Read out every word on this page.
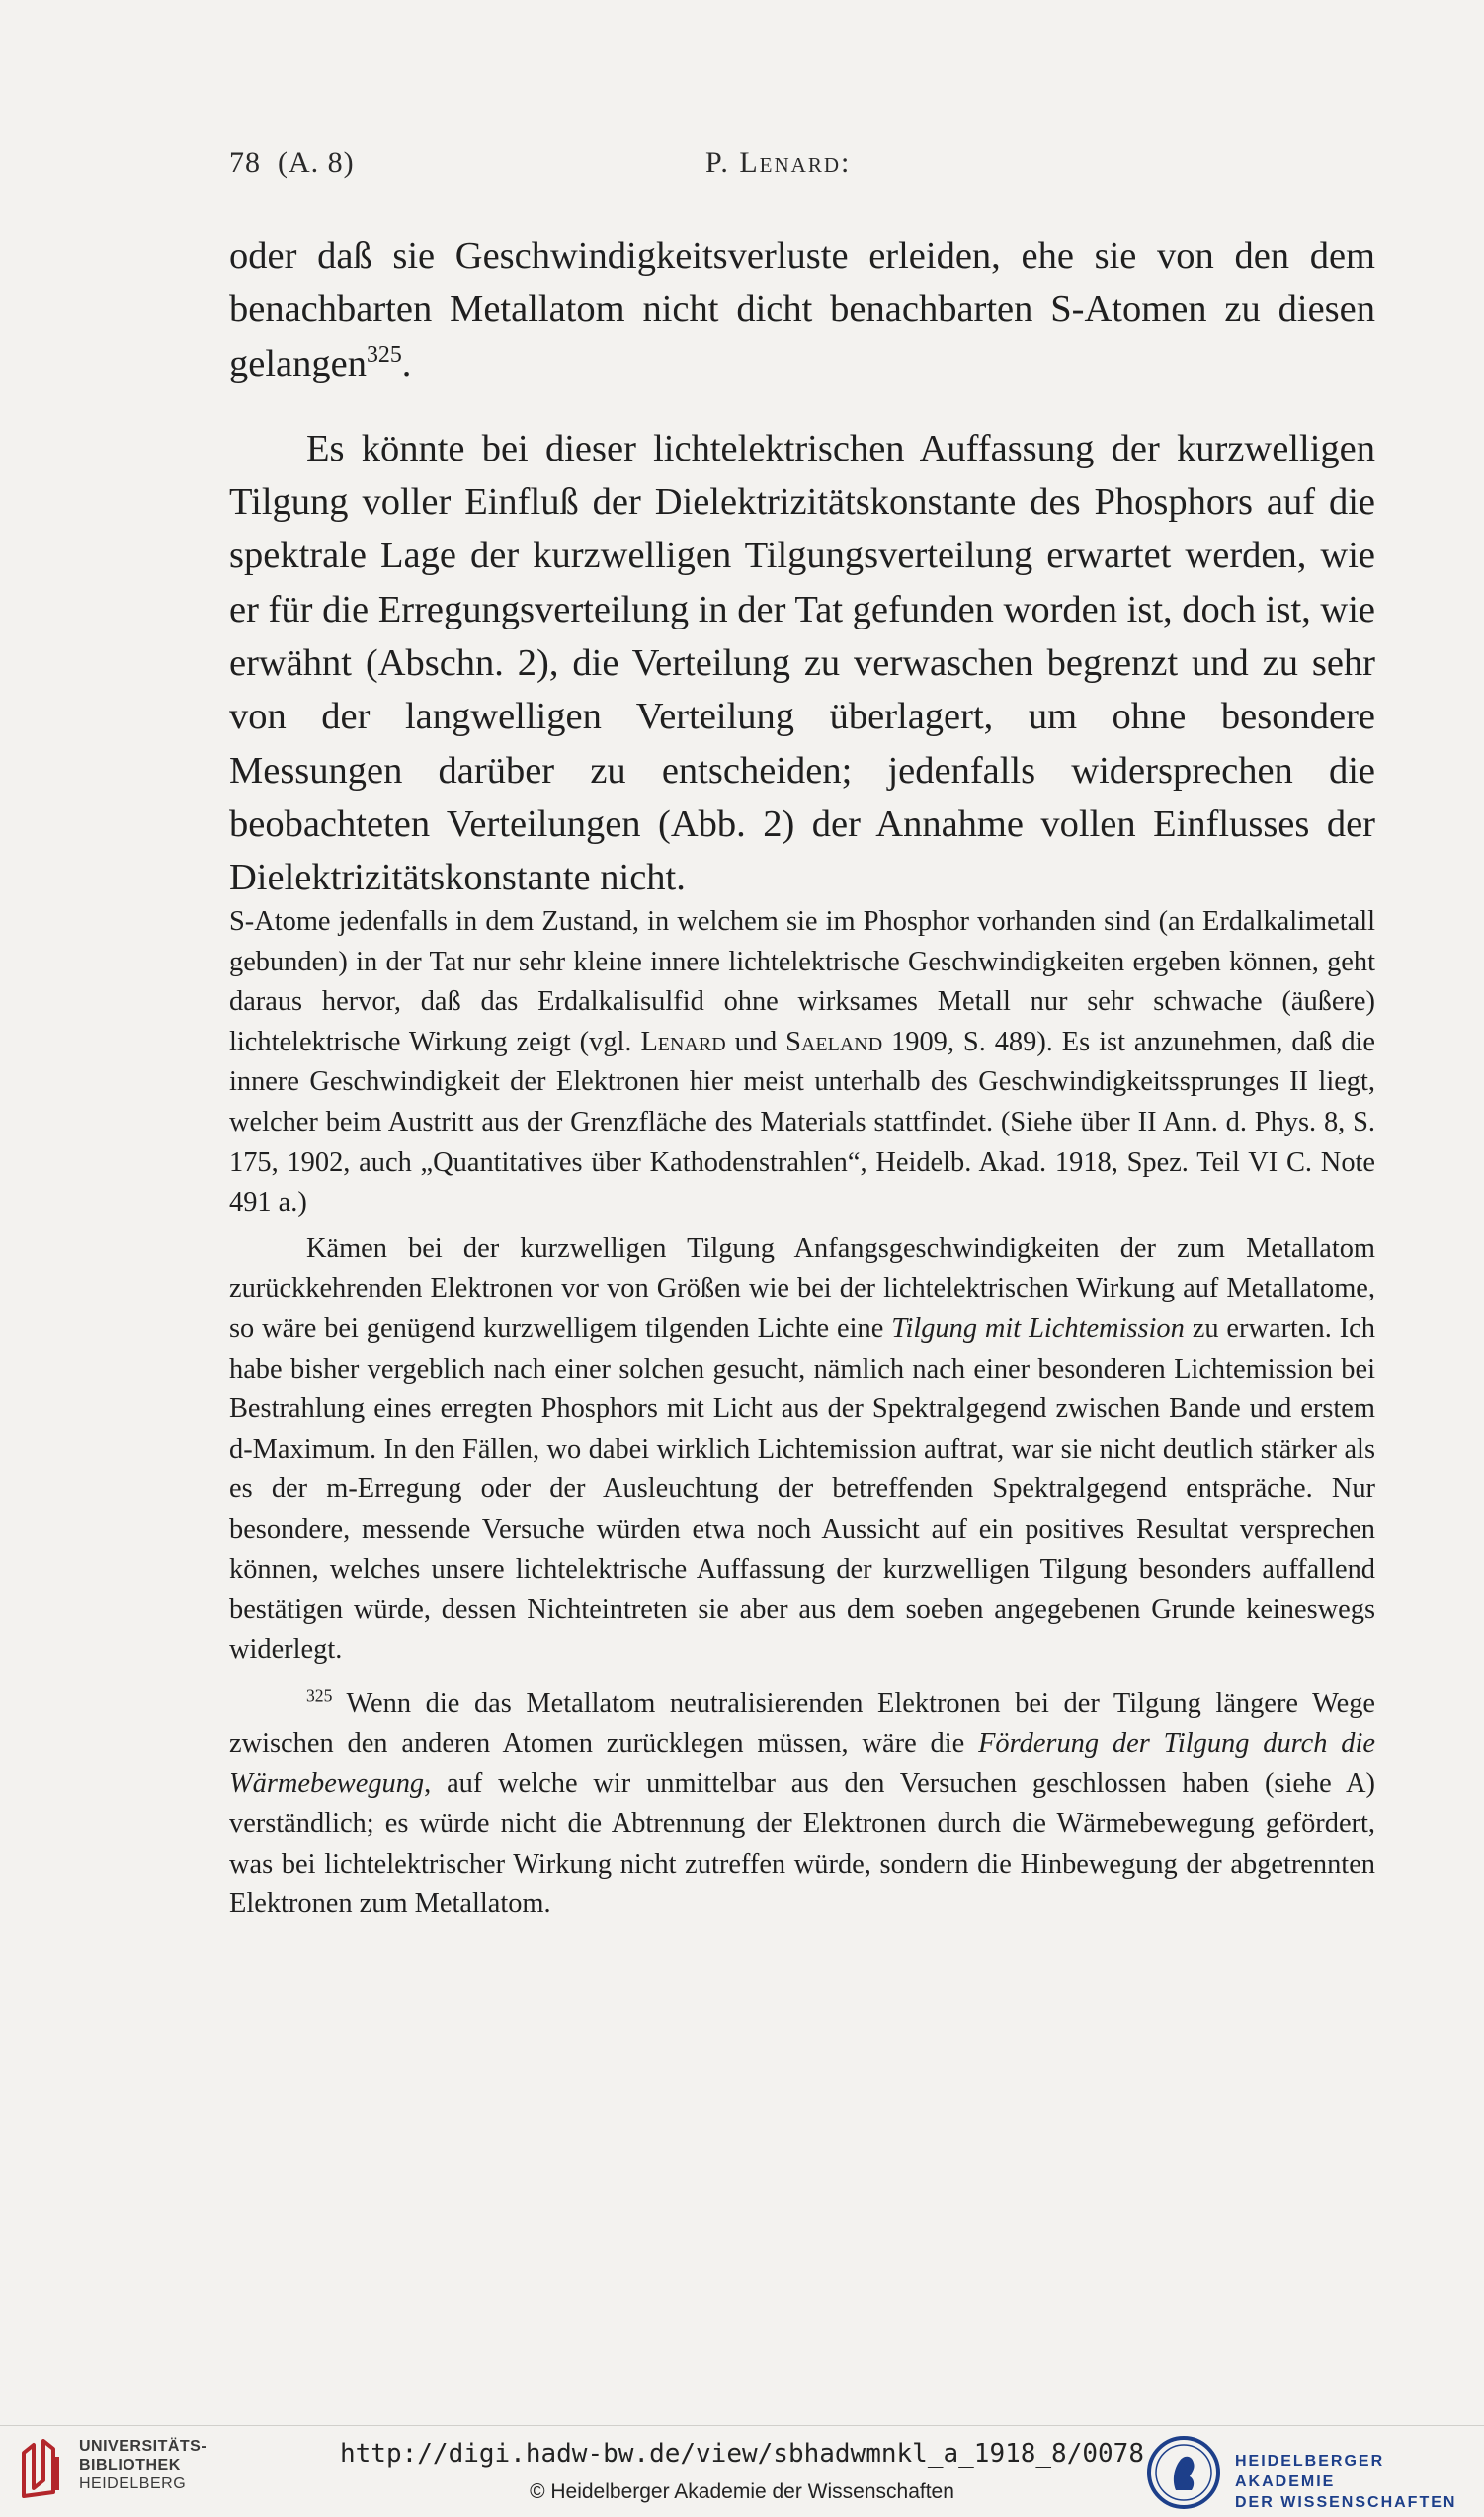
78 (A. 8)	P. Lenard:

oder daß sie Geschwindigkeitsverluste erleiden, ehe sie von den dem benachbarten Metallatom nicht dicht benachbarten S-Atomen zu diesen gelangen$^{325}$.

Es könnte bei dieser lichtelektrischen Auffassung der kurzwelligen Tilgung voller Einfluß der Dielektrizitätskonstante des Phosphors auf die spektrale Lage der kurzwelligen Tilgungsverteilung erwartet werden, wie er für die Erregungsverteilung in der Tat gefunden worden ist, doch ist, wie erwähnt (Abschn. 2), die Verteilung zu verwaschen begrenzt und zu sehr von der langwelligen Verteilung überlagert, um ohne besondere Messungen darüber zu entscheiden; jedenfalls widersprechen die beobachteten Verteilungen (Abb. 2) der Annahme vollen Einflusses der Dielektrizitätskonstante nicht.

S-Atome jedenfalls in dem Zustand, in welchem sie im Phosphor vorhanden sind (an Erdalkalimetall gebunden) in der Tat nur sehr kleine innere lichtelektrische Geschwindigkeiten ergeben können, geht daraus hervor, daß das Erdalkalisulfid ohne wirksames Metall nur sehr schwache (äußere) lichtelektrische Wirkung zeigt (vgl. Lenard und Saeland 1909, S. 489). Es ist anzunehmen, daß die innere Geschwindigkeit der Elektronen hier meist unterhalb des Geschwindigkeitssprunges II liegt, welcher beim Austritt aus der Grenzfläche des Materials stattfindet. (Siehe über II Ann. d. Phys. 8, S. 175, 1902, auch „Quantitatives über Kathodenstrahlen“, Heidelb. Akad. 1918, Spez. Teil VI C. Note 491 a.)

Kämen bei der kurzwelligen Tilgung Anfangsgeschwindigkeiten der zum Metallatom zurückkehrenden Elektronen vor von Größen wie bei der lichtelektrischen Wirkung auf Metallatome, so wäre bei genügend kurzwelligem tilgenden Lichte eine Tilgung mit Lichtemission zu erwarten. Ich habe bisher vergeblich nach einer solchen gesucht, nämlich nach einer besonderen Lichtemission bei Bestrahlung eines erregten Phosphors mit Licht aus der Spektralgegend zwischen Bande und erstem d-Maximum. In den Fällen, wo dabei wirklich Lichtemission auftrat, war sie nicht deutlich stärker als es der m-Erregung oder der Ausleuchtung der betreffenden Spektralgegend entspräche. Nur besondere, messende Versuche würden etwa noch Aussicht auf ein positives Resultat versprechen können, welches unsere lichtelektrische Auffassung der kurzwelligen Tilgung besonders auffallend bestätigen würde, dessen Nichteintreten sie aber aus dem soeben angegebenen Grunde keineswegs widerlegt.

$^{325}$ Wenn die das Metallatom neutralisierenden Elektronen bei der Tilgung längere Wege zwischen den anderen Atomen zurücklegen müssen, wäre die Förderung der Tilgung durch die Wärmebewegung, auf welche wir unmittelbar aus den Versuchen geschlossen haben (siehe A) verständlich; es würde nicht die Abtrennung der Elektronen durch die Wärmebewegung gefördert, was bei lichtelektrischer Wirkung nicht zutreffen würde, sondern die Hinbewegung der abgetrennten Elektronen zum Metallatom.

UNIVERSITÄTS-
BIBLIOTHEK
HEIDELBERG
http://digi.hadw-bw.de/view/sbhadwmnkl_a_1918_8/0078
© Heidelberger Akademie der Wissenschaften
HEIDELBERGER AKADEMIE
DER WISSENSCHAFTEN
